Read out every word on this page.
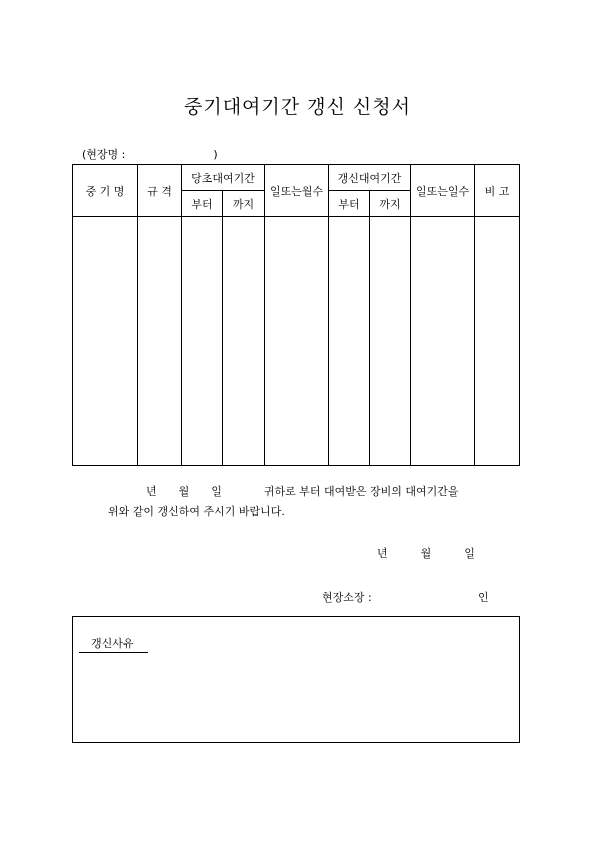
중기대여기간 갱신 신청서
(현장명 :	)
중 기 명	규 격	당초대여기간		일또는월수	갱신대여기간		일또는일수	비 고
		부터	까지		부터	까지		

년　　월　　일	귀하로 부터 대여받은 장비의 대여기간을
위와 같이 갱신하여 주시기 바랍니다.
년　　　월　　　일
현장소장 :	인
갱신사유
